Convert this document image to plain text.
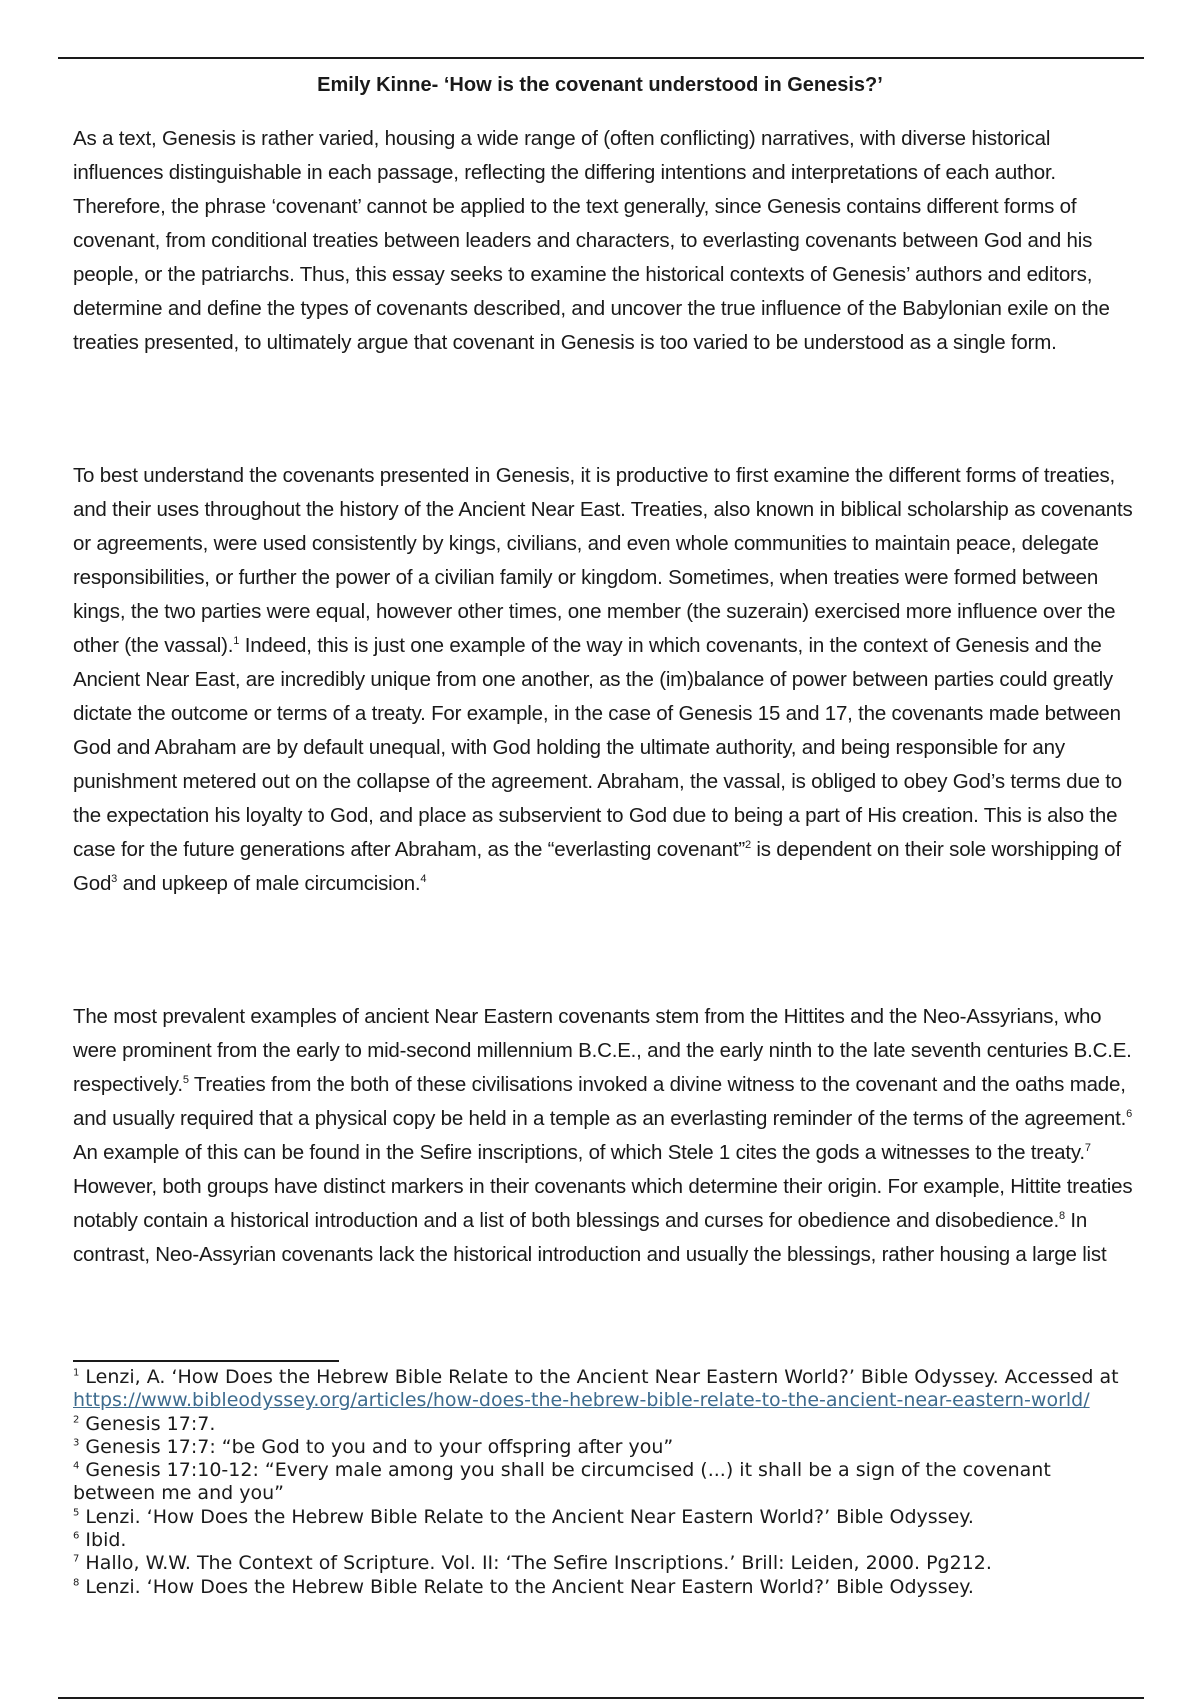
Emily Kinne- ‘How is the covenant understood in Genesis?’

As a text, Genesis is rather varied, housing a wide range of (often conflicting) narratives, with diverse historical influences distinguishable in each passage, reflecting the differing intentions and interpretations of each author. Therefore, the phrase ‘covenant’ cannot be applied to the text generally, since Genesis contains different forms of covenant, from conditional treaties between leaders and characters, to everlasting covenants between God and his people, or the patriarchs. Thus, this essay seeks to examine the historical contexts of Genesis’ authors and editors, determine and define the types of covenants described, and uncover the true influence of the Babylonian exile on the treaties presented, to ultimately argue that covenant in Genesis is too varied to be understood as a single form.

To best understand the covenants presented in Genesis, it is productive to first examine the different forms of treaties, and their uses throughout the history of the Ancient Near East. Treaties, also known in biblical scholarship as covenants or agreements, were used consistently by kings, civilians, and even whole communities to maintain peace, delegate responsibilities, or further the power of a civilian family or kingdom. Sometimes, when treaties were formed between kings, the two parties were equal, however other times, one member (the suzerain) exercised more influence over the other (the vassal).$^1$ Indeed, this is just one example of the way in which covenants, in the context of Genesis and the Ancient Near East, are incredibly unique from one another, as the (im)balance of power between parties could greatly dictate the outcome or terms of a treaty. For example, in the case of Genesis 15 and 17, the covenants made between God and Abraham are by default unequal, with God holding the ultimate authority, and being responsible for any punishment metered out on the collapse of the agreement. Abraham, the vassal, is obliged to obey God’s terms due to the expectation his loyalty to God, and place as subservient to God due to being a part of His creation. This is also the case for the future generations after Abraham, as the “everlasting covenant”$^2$ is dependent on their sole worshipping of God$^3$ and upkeep of male circumcision.$^4$

The most prevalent examples of ancient Near Eastern covenants stem from the Hittites and the Neo-Assyrians, who were prominent from the early to mid-second millennium B.C.E., and the early ninth to the late seventh centuries B.C.E. respectively.$^5$ Treaties from the both of these civilisations invoked a divine witness to the covenant and the oaths made, and usually required that a physical copy be held in a temple as an everlasting reminder of the terms of the agreement.$^6$ An example of this can be found in the Sefire inscriptions, of which Stele 1 cites the gods a witnesses to the treaty.$^7$ However, both groups have distinct markers in their covenants which determine their origin. For example, Hittite treaties notably contain a historical introduction and a list of both blessings and curses for obedience and disobedience.$^8$ In contrast, Neo-Assyrian covenants lack the historical introduction and usually the blessings, rather housing a large list

$^1$ Lenzi, A. ‘How Does the Hebrew Bible Relate to the Ancient Near Eastern World?’ Bible Odyssey. Accessed at https://www.bibleodyssey.org/articles/how-does-the-hebrew-bible-relate-to-the-ancient-near-eastern-world/
$^2$ Genesis 17:7.
$^3$ Genesis 17:7: “be God to you and to your offspring after you”
$^4$ Genesis 17:10-12: “Every male among you shall be circumcised (...) it shall be a sign of the covenant between me and you”
$^5$ Lenzi. ‘How Does the Hebrew Bible Relate to the Ancient Near Eastern World?’ Bible Odyssey.
$^6$ Ibid.
$^7$ Hallo, W.W. The Context of Scripture. Vol. II: ‘The Sefire Inscriptions.’ Brill: Leiden, 2000. Pg212.
$^8$ Lenzi. ‘How Does the Hebrew Bible Relate to the Ancient Near Eastern World?’ Bible Odyssey.
